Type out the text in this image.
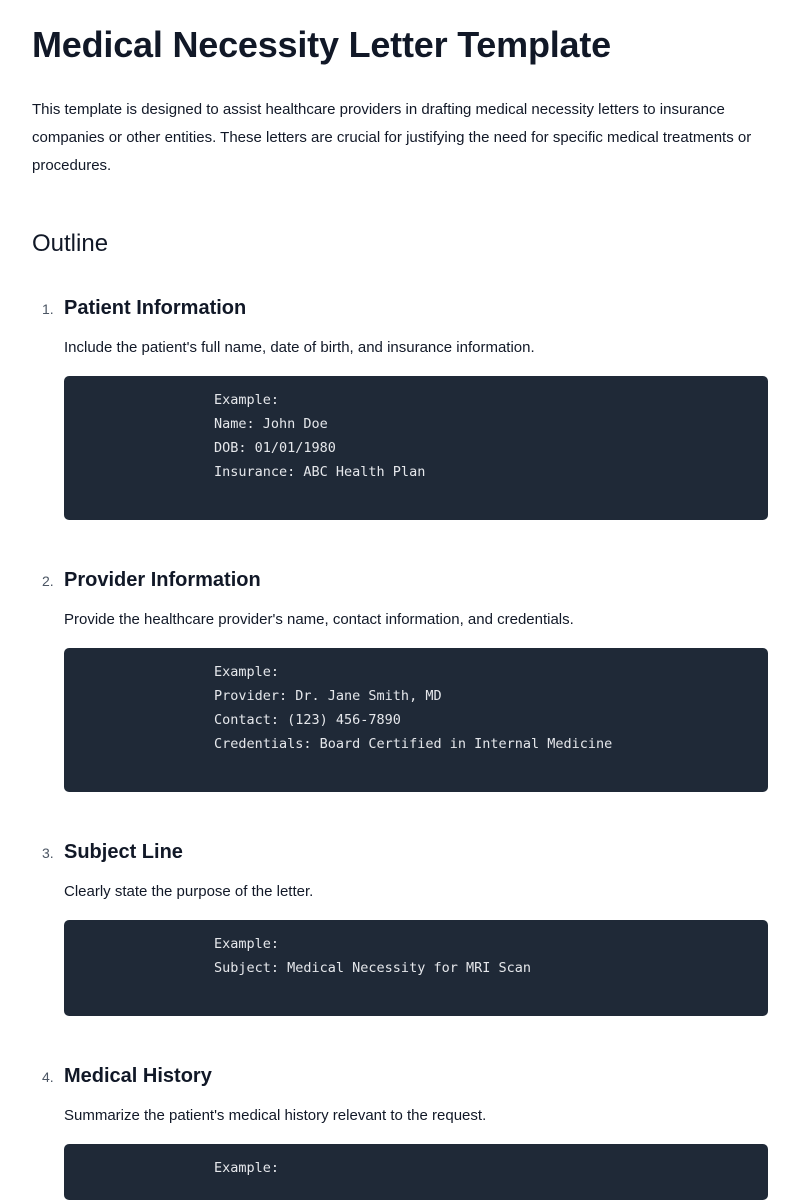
Medical Necessity Letter Template

This template is designed to assist healthcare providers in drafting medical necessity letters to insurance companies or other entities. These letters are crucial for justifying the need for specific medical treatments or procedures.

Outline
1. Patient Information

Include the patient's full name, date of birth, and insurance information.

Example:
Name: John Doe
DOB: 01/01/1980
Insurance: ABC Health Plan
2. Provider Information

Provide the healthcare provider's name, contact information, and credentials.

Example:
Provider: Dr. Jane Smith, MD
Contact: (123) 456-7890
Credentials: Board Certified in Internal Medicine
3. Subject Line

Clearly state the purpose of the letter.

Example:
Subject: Medical Necessity for MRI Scan
4. Medical History

Summarize the patient's medical history relevant to the request.

Example:
